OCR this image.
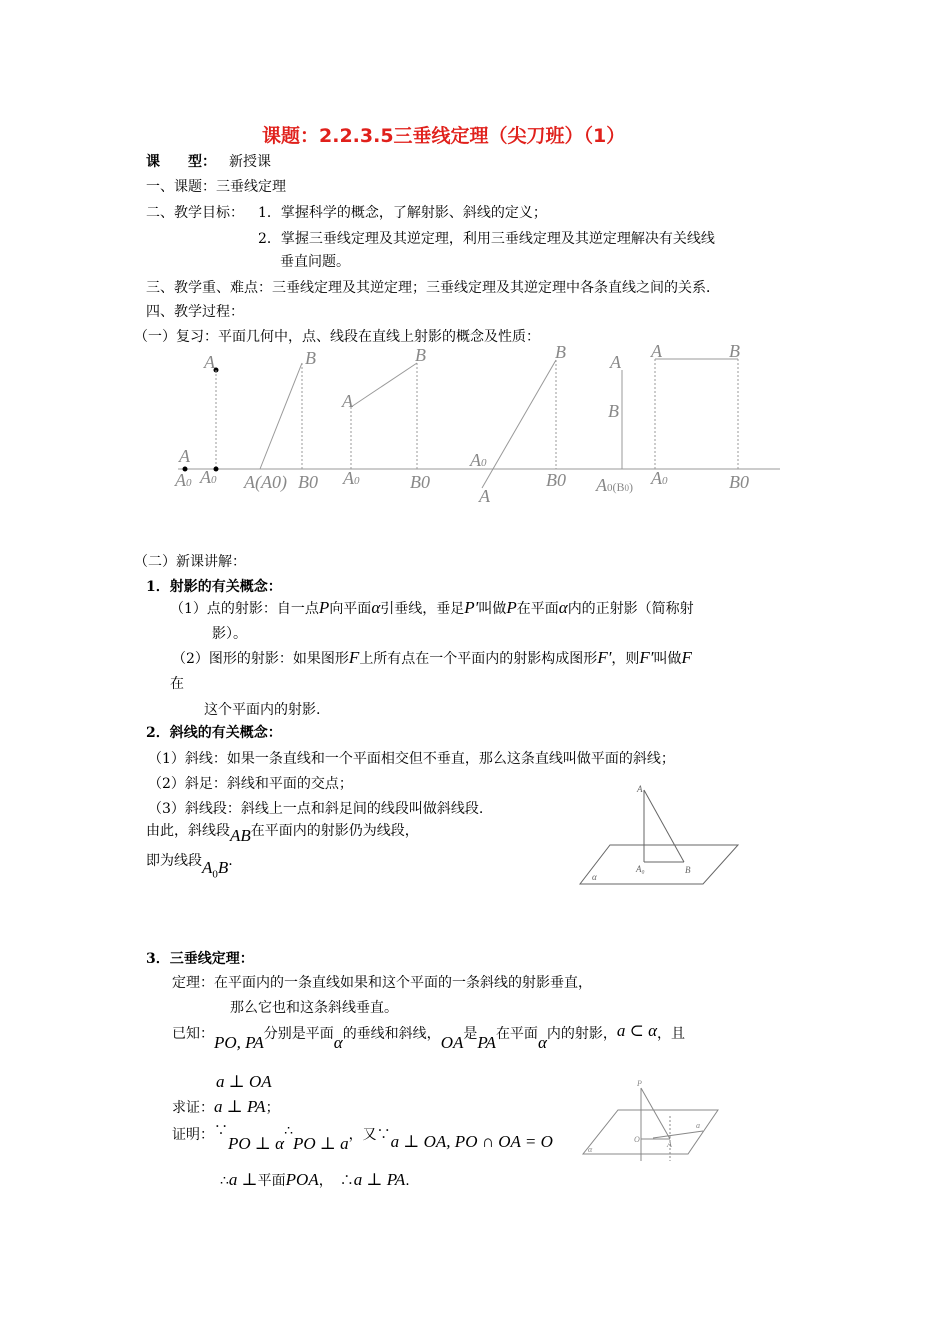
课题：2.2.3.5三垂线定理（尖刀班）（1）
课　　型： 新授课
一、课题：三垂线定理
二、教学目标： 1．掌握科学的概念，了解射影、斜线的定义；
2．掌握三垂线定理及其逆定理，利用三垂线定理及其逆定理解决有关线线
垂直问题。
三、教学重、难点：三垂线定理及其逆定理；三垂线定理及其逆定理中各条直线之间的关系．
四、教学过程：
（一）复习：平面几何中，点、线段在直线上射影的概念及性质：
A
A
A0 A0
B
A(A0) B0
A
B
A0	B0
B
A0
A
B0
A
B
A0(B0)
A	B
A0	B0
（二）新课讲解：
1．射影的有关概念：
（1）点的射影：自一点P向平面α引垂线，垂足P′叫做P在平面α内的正射影（简称射
影）。
（2）图形的射影：如果图形F上所有点在一个平面内的射影构成图形F′，则F′叫做F
在
这个平面内的射影.
2．斜线的有关概念：
（1）斜线：如果一条直线和一个平面相交但不垂直，那么这条直线叫做平面的斜线；
（2）斜足：斜线和平面的交点；
（3）斜线段：斜线上一点和斜足间的线段叫做斜线段.
由此，斜线段AB在平面内的射影仍为线段，
即为线段$A_0B$.
A
A₀	B
α
3．三垂线定理：
定理：在平面内的一条直线如果和这个平面的一条斜线的射影垂直，
那么它也和这条斜线垂直。
已知：PO, PA分别是平面α的垂线和斜线，OA是PA在平面α内的射影，a ⊂ α，且
a ⊥ OA
求证：a ⊥ PA；
证明：∵PO ⊥ α∴PO ⊥ a，又∵a ⊥ OA, PO ∩ OA = O
∴a ⊥平面POA，　 ∴a ⊥ PA.
P
O
A
a
α
